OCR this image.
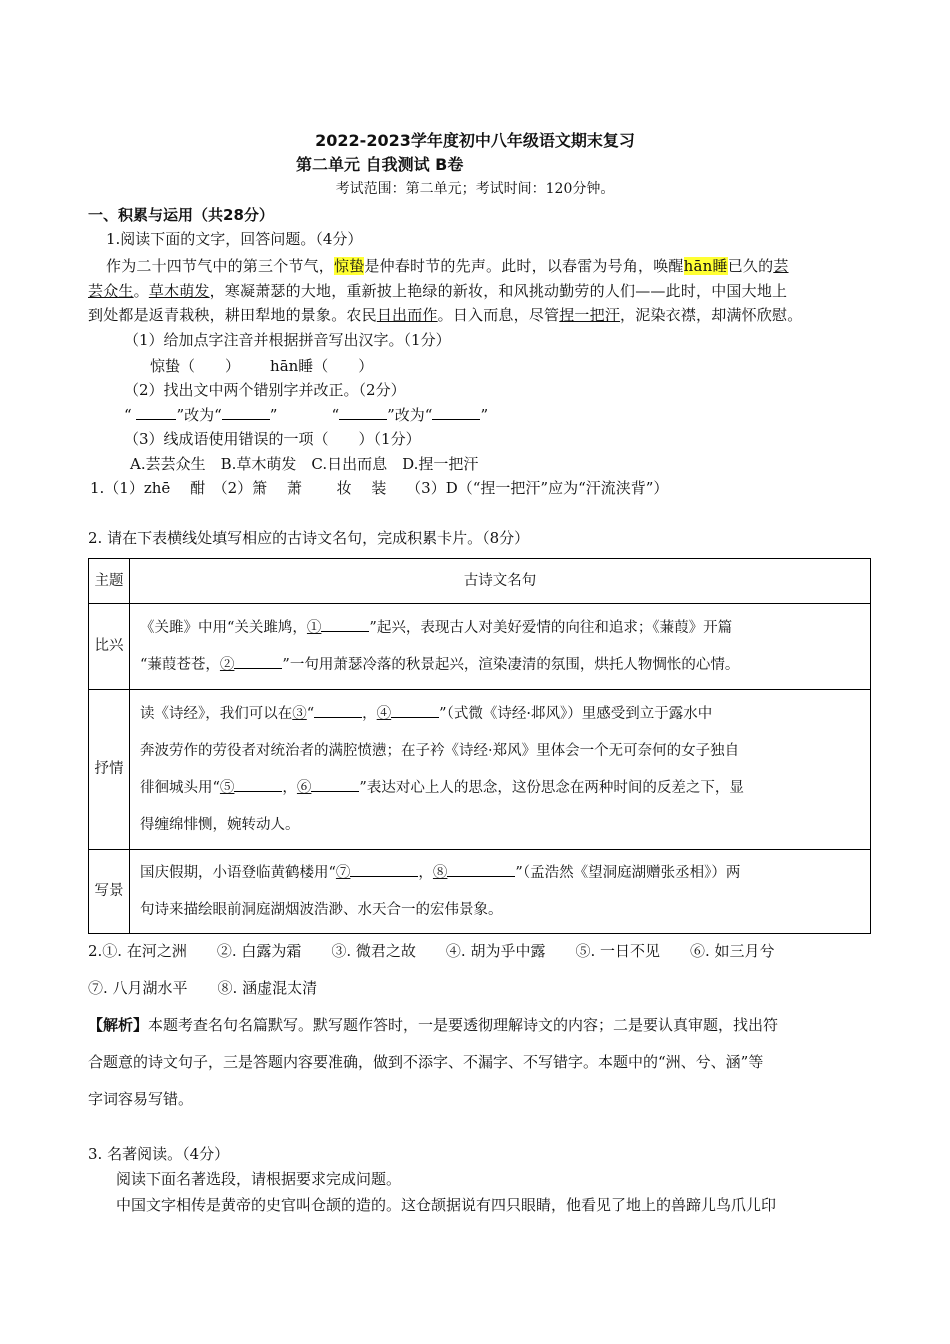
2022-2023学年度初中八年级语文期末复习
第二单元 自我测试 B卷
考试范围：第二单元；考试时间：120分钟。
一、积累与运用（共28分）
1.阅读下面的文字，回答问题。（4分）
作为二十四节气中的第三个节气，惊蛰是仲春时节的先声。此时，以春雷为号角，唤醒hān睡已久的芸
芸众生。草木萌发，寒凝萧瑟的大地，重新披上艳绿的新妆，和风挑动勤劳的人们——此时，中国大地上
到处都是返青栽秧，耕田犁地的景象。农民日出而作。日入而息，尽管捏一把汗，泥染衣襟，却满怀欣慰。
（1）给加点字注音并根据拼音写出汉字。（1分）
惊蛰（　　） hān睡（　　）
（2）找出文中两个错别字并改正。（2分）
“	”改为“	”	“	”改为“	”
（3）线成语使用错误的一项（　　）（1分）
A.芸芸众生　B.草木萌发　C.日出而息　D.捏一把汗
1.（1）zhē　 酣　（2）箫　 萧　　 妆　 装　 （3）D（“捏一把汗”应为“汗流浃背”）
2. 请在下表横线处填写相应的古诗文名句，完成积累卡片。（8分）
主题	古诗文名句
比兴	《关雎》中用“关关雎鸠，① ”起兴，表现古人对美好爱情的向往和追求；《蒹葭》开篇
“蒹葭苍苍，② ”一句用萧瑟冷落的秋景起兴，渲染凄清的氛围，烘托人物惆怅的心情。

抒情	读《诗经》，我们可以在③“ ，④ ”（式微《诗经·邶风》）里感受到立于露水中
奔波劳作的劳役者对统治者的满腔愤懑；在子衿《诗经·郑风》里体会一个无可奈何的女子独自
徘徊城头用“⑤ ，⑥ ”表达对心上人的思念，这份思念在两种时间的反差之下，显
得缠绵悱恻，婉转动人。

写景	国庆假期，小语登临黄鹤楼用“⑦ ，⑧ ”（孟浩然《望洞庭湖赠张丞相》）两
句诗来描绘眼前洞庭湖烟波浩渺、水天合一的宏伟景象。
2.①. 在河之洲　　②. 白露为霜　　③. 微君之故　　④. 胡为乎中露　　⑤. 一日不见　　⑥. 如三月兮
⑦. 八月湖水平　　⑧. 涵虚混太清
【解析】本题考查名句名篇默写。默写题作答时，一是要透彻理解诗文的内容；二是要认真审题，找出符
合题意的诗文句子，三是答题内容要准确，做到不添字、不漏字、不写错字。本题中的“洲、兮、涵”等
字词容易写错。
3. 名著阅读。（4分）
阅读下面名著选段，请根据要求完成问题。
中国文字相传是黄帝的史官叫仓颉的造的。这仓颉据说有四只眼睛，他看见了地上的兽蹄儿鸟爪儿印
